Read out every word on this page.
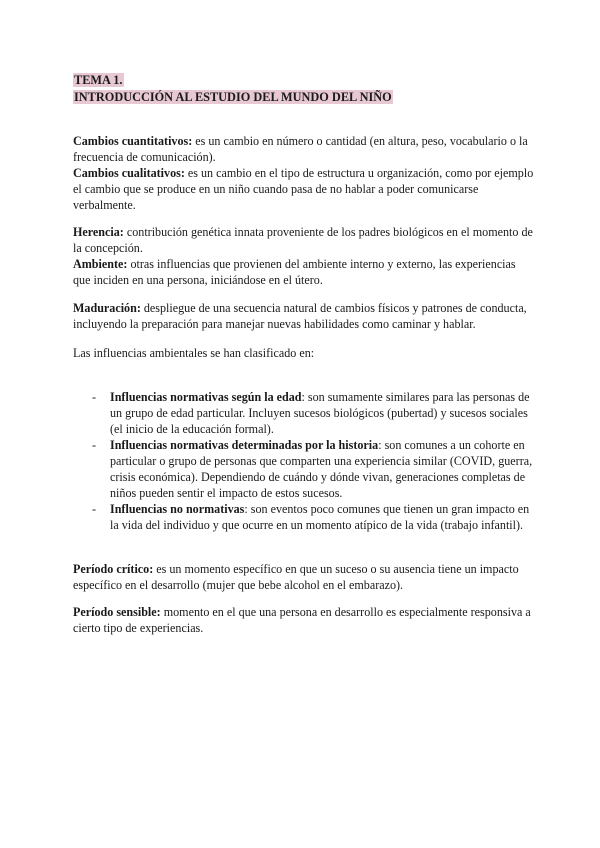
TEMA 1.
INTRODUCCIÓN AL ESTUDIO DEL MUNDO DEL NIÑO

Cambios cuantitativos: es un cambio en número o cantidad (en altura, peso, vocabulario o la frecuencia de comunicación).

Cambios cualitativos: es un cambio en el tipo de estructura u organización, como por ejemplo el cambio que se produce en un niño cuando pasa de no hablar a poder comunicarse verbalmente.

Herencia: contribución genética innata proveniente de los padres biológicos en el momento de la concepción.

Ambiente: otras influencias que provienen del ambiente interno y externo, las experiencias que inciden en una persona, iniciándose en el útero.

Maduración: despliegue de una secuencia natural de cambios físicos y patrones de conducta, incluyendo la preparación para manejar nuevas habilidades como caminar y hablar.

Las influencias ambientales se han clasificado en:

- Influencias normativas según la edad: son sumamente similares para las personas de un grupo de edad particular. Incluyen sucesos biológicos (pubertad) y sucesos sociales (el inicio de la educación formal).
- Influencias normativas determinadas por la historia: son comunes a un cohorte en particular o grupo de personas que comparten una experiencia similar (COVID, guerra, crisis económica). Dependiendo de cuándo y dónde vivan, generaciones completas de niños pueden sentir el impacto de estos sucesos.
- Influencias no normativas: son eventos poco comunes que tienen un gran impacto en la vida del individuo y que ocurre en un momento atípico de la vida (trabajo infantil).

Período crítico: es un momento específico en que un suceso o su ausencia tiene un impacto específico en el desarrollo (mujer que bebe alcohol en el embarazo).

Período sensible: momento en el que una persona en desarrollo es especialmente responsiva a cierto tipo de experiencias.
